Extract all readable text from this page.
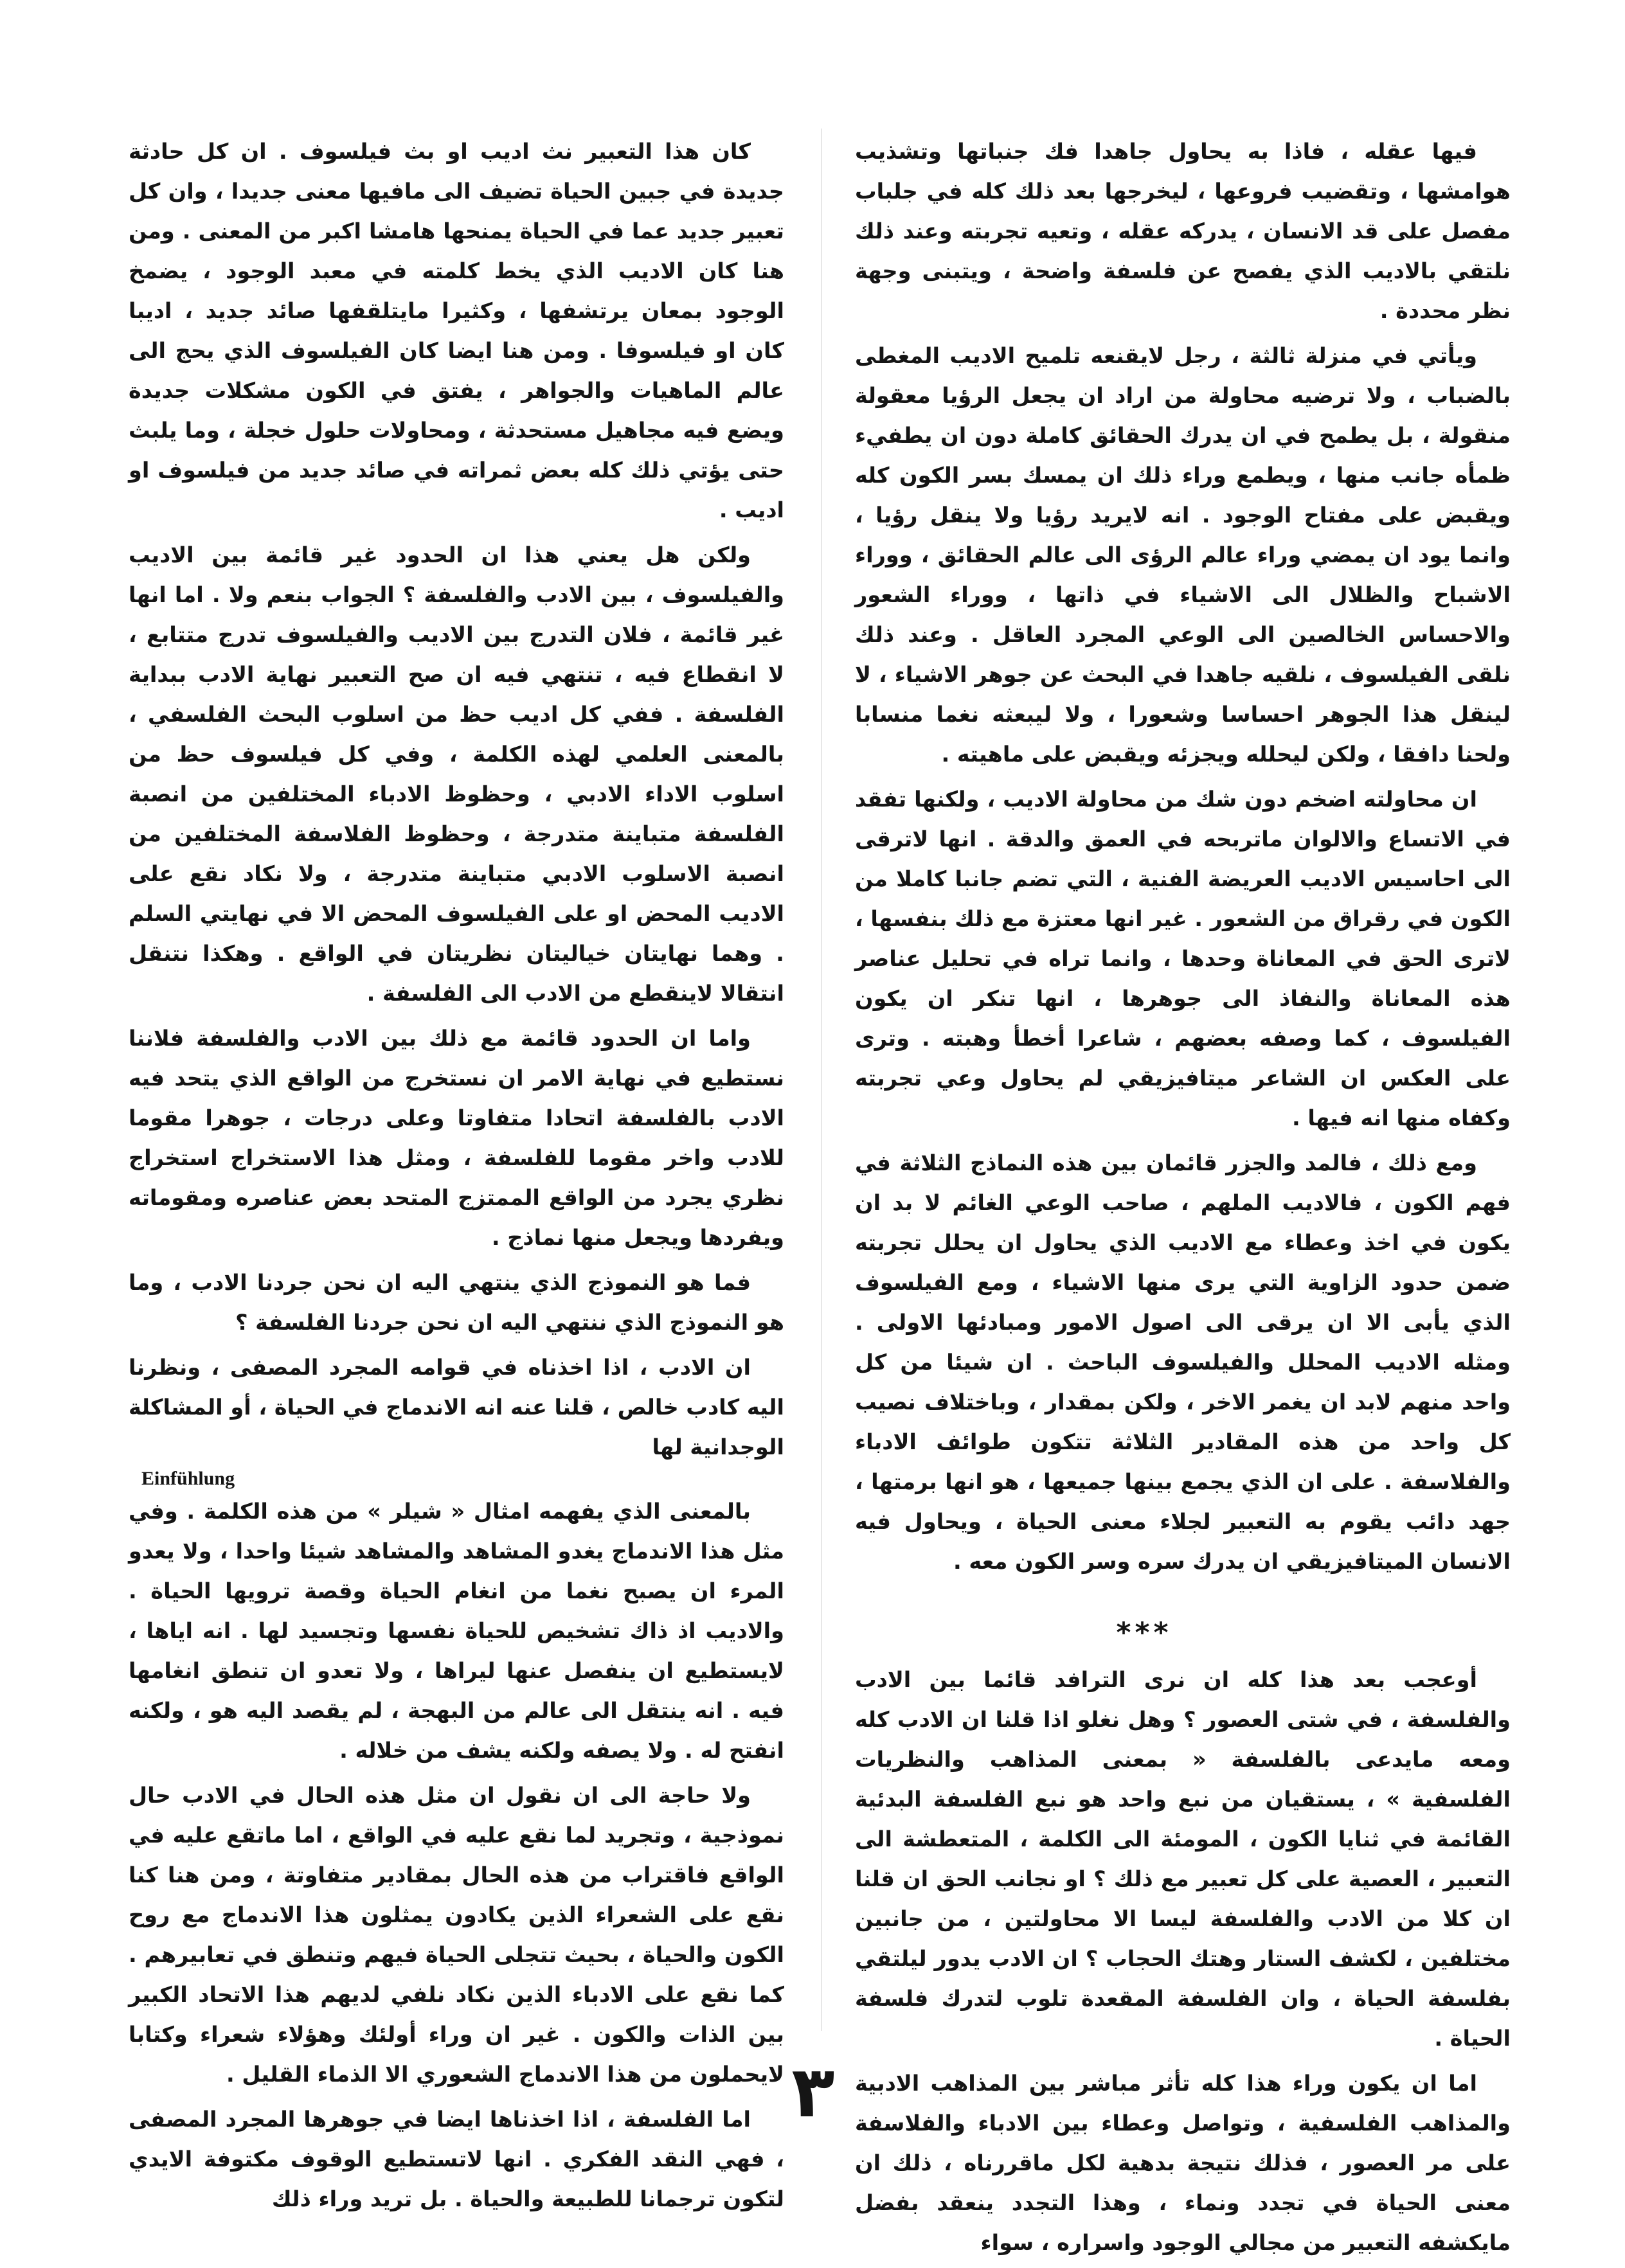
فيها عقله ، فاذا به يحاول جاهدا فك جنباتها وتشذيب هوامشها ، وتقضيب فروعها ، ليخرجها بعد ذلك كله في جلباب مفصل على قد الانسان ، يدركه عقله ، وتعيه تجربته وعند ذلك نلتقي بالاديب الذي يفصح عن فلسفة واضحة ، ويتبنى وجهة نظر محددة .

ويأتي في منزلة ثالثة ، رجل لايقنعه تلميح الاديب المغطى بالضباب ، ولا ترضيه محاولة من اراد ان يجعل الرؤيا معقولة منقولة ، بل يطمح في ان يدرك الحقائق كاملة دون ان يطفيء ظمأه جانب منها ، ويطمع وراء ذلك ان يمسك بسر الكون كله ويقبض على مفتاح الوجود . انه لايريد رؤيا ولا ينقل رؤيا ، وانما يود ان يمضي وراء عالم الرؤى الى عالم الحقائق ، ووراء الاشباح والظلال الى الاشياء في ذاتها ، ووراء الشعور والاحساس الخالصين الى الوعي المجرد العاقل . وعند ذلك نلقى الفيلسوف ، نلقيه جاهدا في البحث عن جوهر الاشياء ، لا لينقل هذا الجوهر احساسا وشعورا ، ولا ليبعثه نغما منسابا ولحنا دافقا ، ولكن ليحلله ويجزئه ويقبض على ماهيته .

ان محاولته اضخم دون شك من محاولة الاديب ، ولكنها تفقد في الاتساع والالوان ماتربحه في العمق والدقة . انها لاترقى الى احاسيس الاديب العريضة الفنية ، التي تضم جانبا كاملا من الكون في رقراق من الشعور . غير انها معتزة مع ذلك بنفسها ، لاترى الحق في المعاناة وحدها ، وانما تراه في تحليل عناصر هذه المعاناة والنفاذ الى جوهرها ، انها تنكر ان يكون الفيلسوف ، كما وصفه بعضهم ، شاعرا أخطأ وهبته . وترى على العكس ان الشاعر ميتافيزيقي لم يحاول وعي تجربته وكفاه منها انه فيها .

ومع ذلك ، فالمد والجزر قائمان بين هذه النماذج الثلاثة في فهم الكون ، فالاديب الملهم ، صاحب الوعي الغائم لا بد ان يكون في اخذ وعطاء مع الاديب الذي يحاول ان يحلل تجربته ضمن حدود الزاوية التي يرى منها الاشياء ، ومع الفيلسوف الذي يأبى الا ان يرقى الى اصول الامور ومبادئها الاولى . ومثله الاديب المحلل والفيلسوف الباحث . ان شيئا من كل واحد منهم لابد ان يغمر الاخر ، ولكن بمقدار ، وباختلاف نصيب كل واحد من هذه المقادير الثلاثة تتكون طوائف الادباء والفلاسفة . على ان الذي يجمع بينها جميعها ، هو انها برمتها ، جهد دائب يقوم به التعبير لجلاء معنى الحياة ، ويحاول فيه الانسان الميتافيزيقي ان يدرك سره وسر الكون معه .

***

أوعجب بعد هذا كله ان نرى الترافد قائما بين الادب والفلسفة ، في شتى العصور ؟ وهل نغلو اذا قلنا ان الادب كله ومعه مايدعى بالفلسفة « بمعنى المذاهب والنظريات الفلسفية » ، يستقيان من نبع واحد هو نبع الفلسفة البدئية القائمة في ثنايا الكون ، المومئة الى الكلمة ، المتعطشة الى التعبير ، العصية على كل تعبير مع ذلك ؟ او نجانب الحق ان قلنا ان كلا من الادب والفلسفة ليسا الا محاولتين ، من جانبين مختلفين ، لكشف الستار وهتك الحجاب ؟ ان الادب يدور ليلتقي بفلسفة الحياة ، وان الفلسفة المقعدة تلوب لتدرك فلسفة الحياة .

اما ان يكون وراء هذا كله تأثر مباشر بين المذاهب الادبية والمذاهب الفلسفية ، وتواصل وعطاء بين الادباء والفلاسفة على مر العصور ، فذلك نتيجة بدهية لكل ماقررناه ، ذلك ان معنى الحياة في تجدد ونماء ، وهذا التجدد ينعقد بفضل مايكشفه التعبير من مجالي الوجود واسراره ، سواء

كان هذا التعبير نث اديب او بث فيلسوف . ان كل حادثة جديدة في جبين الحياة تضيف الى مافيها معنى جديدا ، وان كل تعبير جديد عما في الحياة يمنحها هامشا اكبر من المعنى . ومن هنا كان الاديب الذي يخط كلمته في معبد الوجود ، يضمخ الوجود بمعان يرتشفها ، وكثيرا مايتلقفها صائد جديد ، اديبا كان او فيلسوفا . ومن هنا ايضا كان الفيلسوف الذي يحج الى عالم الماهيات والجواهر ، يفتق في الكون مشكلات جديدة ويضع فيه مجاهيل مستحدثة ، ومحاولات حلول خجلة ، وما يلبث حتى يؤتي ذلك كله بعض ثمراته في صائد جديد من فيلسوف او اديب .

ولكن هل يعني هذا ان الحدود غير قائمة بين الاديب والفيلسوف ، بين الادب والفلسفة ؟ الجواب بنعم ولا . اما انها غير قائمة ، فلان التدرج بين الاديب والفيلسوف تدرج متتابع ، لا انقطاع فيه ، تنتهي فيه ان صح التعبير نهاية الادب ببداية الفلسفة . ففي كل اديب حظ من اسلوب البحث الفلسفي ، بالمعنى العلمي لهذه الكلمة ، وفي كل فيلسوف حظ من اسلوب الاداء الادبي ، وحظوظ الادباء المختلفين من انصبة الفلسفة متباينة متدرجة ، وحظوظ الفلاسفة المختلفين من انصبة الاسلوب الادبي متباينة متدرجة ، ولا نكاد نقع على الاديب المحض او على الفيلسوف المحض الا في نهايتي السلم . وهما نهايتان خياليتان نظريتان في الواقع . وهكذا نتنقل انتقالا لاينقطع من الادب الى الفلسفة .

واما ان الحدود قائمة مع ذلك بين الادب والفلسفة فلاننا نستطيع في نهاية الامر ان نستخرج من الواقع الذي يتحد فيه الادب بالفلسفة اتحادا متفاوتا وعلى درجات ، جوهرا مقوما للادب واخر مقوما للفلسفة ، ومثل هذا الاستخراج استخراج نظري يجرد من الواقع الممتزج المتحد بعض عناصره ومقوماته ويفردها ويجعل منها نماذج .

فما هو النموذج الذي ينتهي اليه ان نحن جردنا الادب ، وما هو النموذج الذي ننتهي اليه ان نحن جردنا الفلسفة ؟

ان الادب ، اذا اخذناه في قوامه المجرد المصفى ، ونظرنا اليه كادب خالص ، قلنا عنه انه الاندماج في الحياة ، أو المشاكلة الوجدانية لها

Einfühlung

بالمعنى الذي يفهمه امثال « شيلر » من هذه الكلمة . وفي مثل هذا الاندماج يغدو المشاهد والمشاهد شيئا واحدا ، ولا يعدو المرء ان يصبح نغما من انغام الحياة وقصة ترويها الحياة . والاديب اذ ذاك تشخيص للحياة نفسها وتجسيد لها . انه اياها ، لايستطيع ان ينفصل عنها ليراها ، ولا تعدو ان تنطق انغامها فيه . انه ينتقل الى عالم من البهجة ، لم يقصد اليه هو ، ولكنه انفتح له . ولا يصفه ولكنه يشف من خلاله .

ولا حاجة الى ان نقول ان مثل هذه الحال في الادب حال نموذجية ، وتجريد لما نقع عليه في الواقع ، اما ماتقع عليه في الواقع فاقتراب من هذه الحال بمقادير متفاوتة ، ومن هنا كنا نقع على الشعراء الذين يكادون يمثلون هذا الاندماج مع روح الكون والحياة ، بحيث تتجلى الحياة فيهم وتنطق في تعابيرهم . كما نقع على الادباء الذين نكاد نلفي لديهم هذا الاتحاد الكبير بين الذات والكون . غير ان وراء أولئك وهؤلاء شعراء وكتابا لايحملون من هذا الاندماج الشعوري الا الذماء القليل .

اما الفلسفة ، اذا اخذناها ايضا في جوهرها المجرد المصفى ، فهي النقد الفكري . انها لاتستطيع الوقوف مكتوفة الايدي لتكون ترجمانا للطبيعة والحياة . بل تريد وراء ذلك

٣
